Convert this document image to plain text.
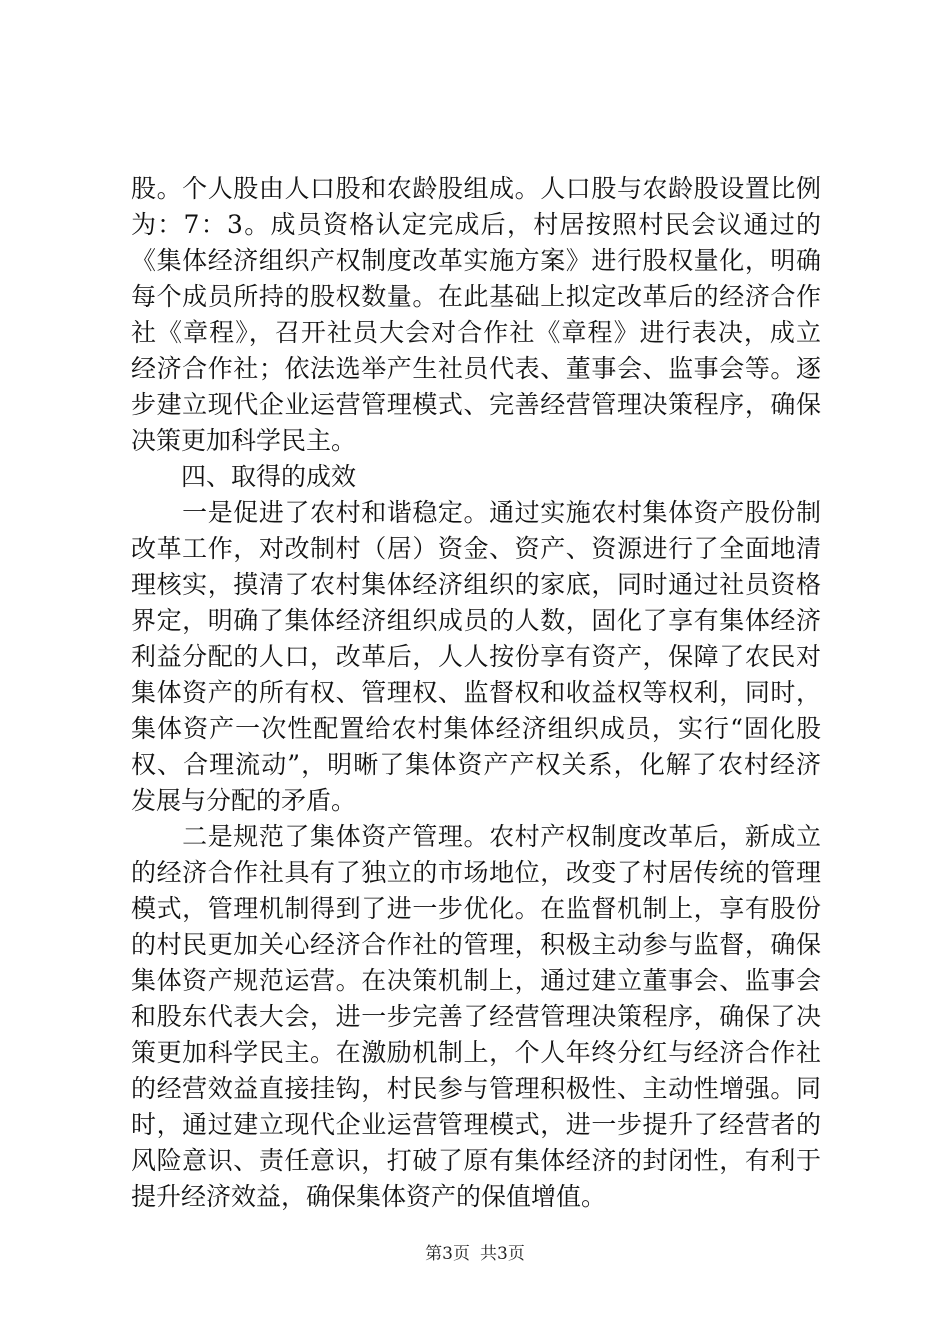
股。个人股由人口股和农龄股组成。人口股与农龄股设置比例
为：7：3。成员资格认定完成后，村居按照村民会议通过的
《集体经济组织产权制度改革实施方案》进行股权量化，明确
每个成员所持的股权数量。在此基础上拟定改革后的经济合作
社《章程》，召开社员大会对合作社《章程》进行表决，成立
经济合作社；依法选举产生社员代表、董事会、监事会等。逐
步建立现代企业运营管理模式、完善经营管理决策程序，确保
决策更加科学民主。
　　四、取得的成效
　　一是促进了农村和谐稳定。通过实施农村集体资产股份制
改革工作，对改制村（居）资金、资产、资源进行了全面地清
理核实，摸清了农村集体经济组织的家底，同时通过社员资格
界定，明确了集体经济组织成员的人数，固化了享有集体经济
利益分配的人口，改革后，人人按份享有资产，保障了农民对
集体资产的所有权、管理权、监督权和收益权等权利，同时，
集体资产一次性配置给农村集体经济组织成员，实行“固化股
权、合理流动”，明晰了集体资产产权关系，化解了农村经济
发展与分配的矛盾。
　　二是规范了集体资产管理。农村产权制度改革后，新成立
的经济合作社具有了独立的市场地位，改变了村居传统的管理
模式，管理机制得到了进一步优化。在监督机制上，享有股份
的村民更加关心经济合作社的管理，积极主动参与监督，确保
集体资产规范运营。在决策机制上，通过建立董事会、监事会
和股东代表大会，进一步完善了经营管理决策程序，确保了决
策更加科学民主。在激励机制上，个人年终分红与经济合作社
的经营效益直接挂钩，村民参与管理积极性、主动性增强。同
时，通过建立现代企业运营管理模式，进一步提升了经营者的
风险意识、责任意识，打破了原有集体经济的封闭性，有利于
提升经济效益，确保集体资产的保值增值。
第3页 共3页
